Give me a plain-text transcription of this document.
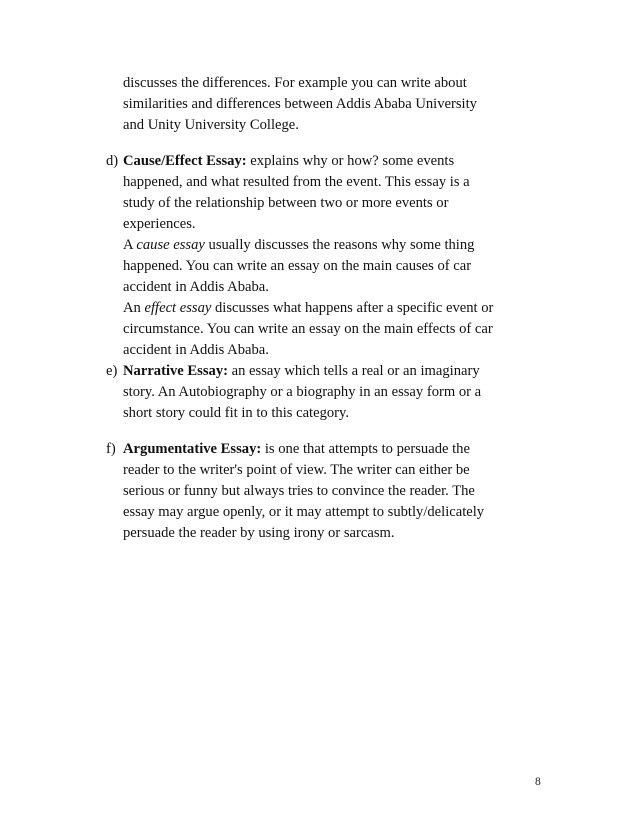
discusses the differences. For example you can write about
similarities and differences between Addis Ababa University
and Unity University College.
d) Cause/Effect Essay: explains why or how? some events
happened, and what resulted from the event. This essay is a
study of the relationship between two or more events or
experiences.
A cause essay usually discusses the reasons why some thing
happened. You can write an essay on the main causes of car
accident in Addis Ababa.
An effect essay discusses what happens after a specific event or
circumstance. You can write an essay on the main effects of car
accident in Addis Ababa.
e) Narrative Essay: an essay which tells a real or an imaginary
story. An Autobiography or a biography in an essay form or a
short story could fit in to this category.
f) Argumentative Essay: is one that attempts to persuade the
reader to the writer's point of view. The writer can either be
serious or funny but always tries to convince the reader. The
essay may argue openly, or it may attempt to subtly/delicately
persuade the reader by using irony or sarcasm.
8
